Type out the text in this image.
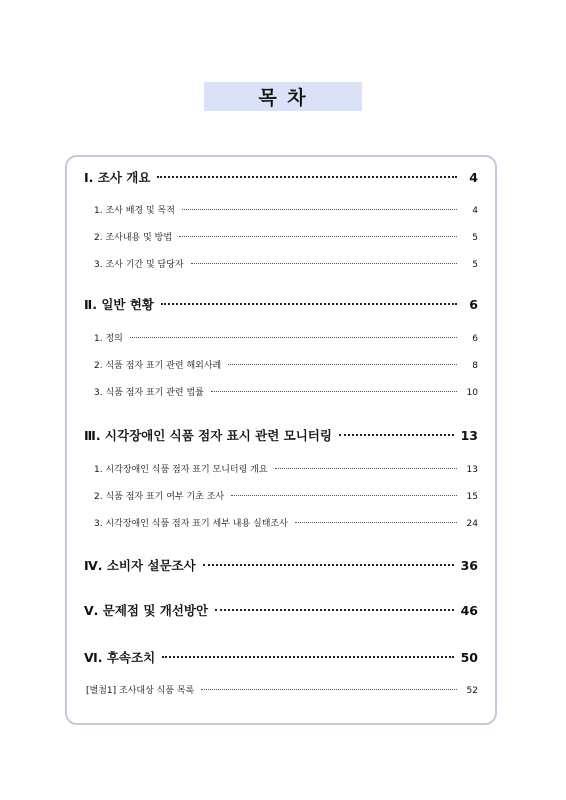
목 차
Ⅰ. 조사 개요	4
1. 조사 배경 및 목적	4
2. 조사내용 및 방법	5
3. 조사 기간 및 담당자	5
Ⅱ. 일반 현황	6
1. 정의	6
2. 식품 점자 표기 관련 해외사례	8
3. 식품 점자 표기 관련 법률	10
Ⅲ. 시각장애인 식품 점자 표시 관련 모니터링	13
1. 시각장애인 식품 점자 표기 모니터링 개요	13
2. 식품 점자 표기 여부 기초 조사	15
3. 시각장애인 식품 점자 표기 세부 내용 실태조사	24
Ⅳ. 소비자 설문조사	36
Ⅴ. 문제점 및 개선방안	46
Ⅵ. 후속조치	50
[별첨1] 조사대상 식품 목록	52
